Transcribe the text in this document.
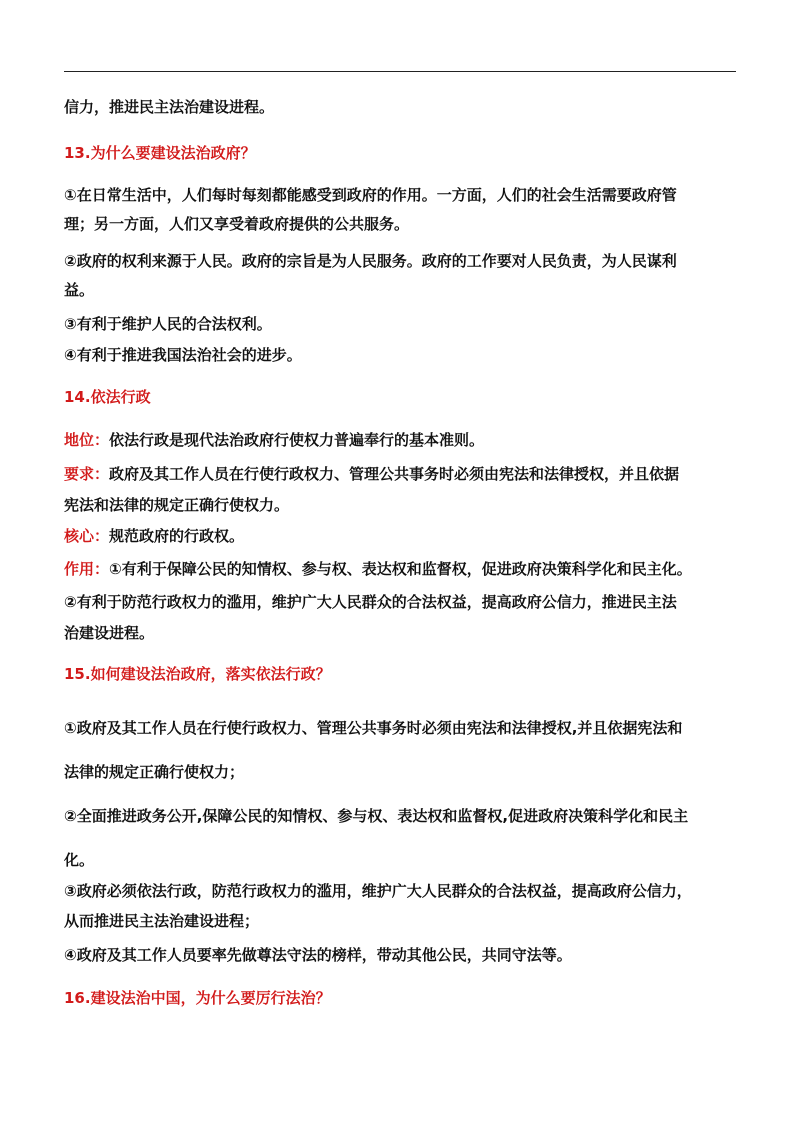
信力，推进民主法治建设进程。
13.为什么要建设法治政府？
①在日常生活中，人们每时每刻都能感受到政府的作用。一方面，人们的社会生活需要政府管
理；另一方面，人们又享受着政府提供的公共服务。
②政府的权利来源于人民。政府的宗旨是为人民服务。政府的工作要对人民负责，为人民谋利
益。
③有利于维护人民的合法权利。
④有利于推进我国法治社会的进步。
14.依法行政
地位：依法行政是现代法治政府行使权力普遍奉行的基本准则。
要求：政府及其工作人员在行使行政权力、管理公共事务时必须由宪法和法律授权，并且依据
宪法和法律的规定正确行使权力。
核心：规范政府的行政权。
作用：①有利于保障公民的知情权、参与权、表达权和监督权，促进政府决策科学化和民主化。
②有利于防范行政权力的滥用，维护广大人民群众的合法权益，提高政府公信力，推进民主法
治建设进程。
15.如何建设法治政府，落实依法行政？
①政府及其工作人员在行使行政权力、管理公共事务时必须由宪法和法律授权,并且依据宪法和
法律的规定正确行使权力；
②全面推进政务公开,保障公民的知情权、参与权、表达权和监督权,促进政府决策科学化和民主
化。
③政府必须依法行政，防范行政权力的滥用，维护广大人民群众的合法权益，提高政府公信力，
从而推进民主法治建设进程；
④政府及其工作人员要率先做尊法守法的榜样，带动其他公民，共同守法等。
16.建设法治中国，为什么要厉行法治？
